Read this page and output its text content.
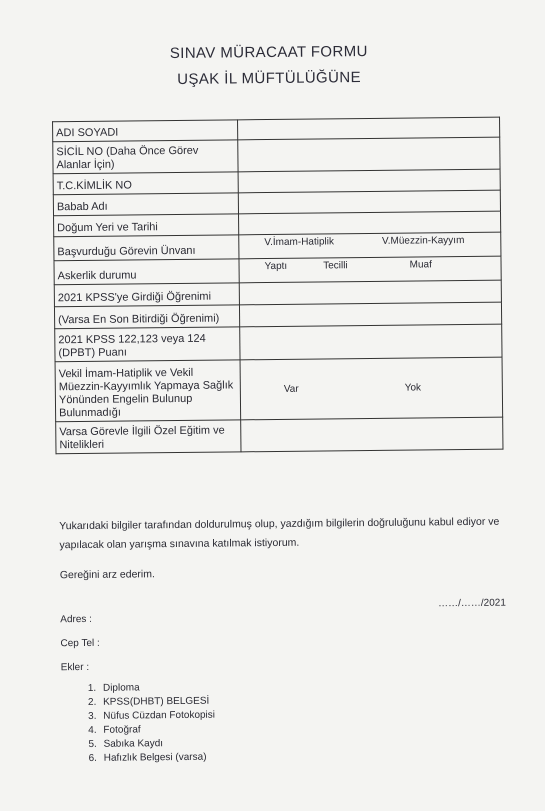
SINAV MÜRACAAT FORMU
UŞAK İL MÜFTÜLÜĞÜNE
ADI SOYADI	
SİCİL NO (Daha Önce Görev Alanlar İçin)	
T.C.KİMLİK NO	
Babab Adı	
Doğum Yeri ve Tarihi	
Başvurduğu Görevin Ünvanı	V.İmam-Hatiplik V.Müezzin-Kayyım
Askerlik durumu	Yaptı Tecilli Muaf
2021 KPSS'ye Girdiği Öğrenimi	
(Varsa En Son Bitirdiği Öğrenimi)	
2021 KPSS 122,123 veya 124 (DPBT) Puanı	
Vekil İmam-Hatiplik ve Vekil Müezzin-Kayyımlık Yapmaya Sağlık Yönünden Engelin Bulunup Bulunmadığı	Var Yok
Varsa Görevle İlgili Özel Eğitim ve Nitelikleri	
Yukarıdaki bilgiler tarafından doldurulmuş olup, yazdığım bilgilerin doğruluğunu kabul ediyor ve yapılacak olan yarışma sınavına katılmak istiyorum.
Gereğini arz ederim.
……/……/2021
Adres :
Cep Tel :
Ekler :
1. Diploma
2. KPSS(DHBT) BELGESİ
3. Nüfus Cüzdan Fotokopisi
4. Fotoğraf
5. Sabıka Kaydı
6. Hafızlık Belgesi (varsa)
